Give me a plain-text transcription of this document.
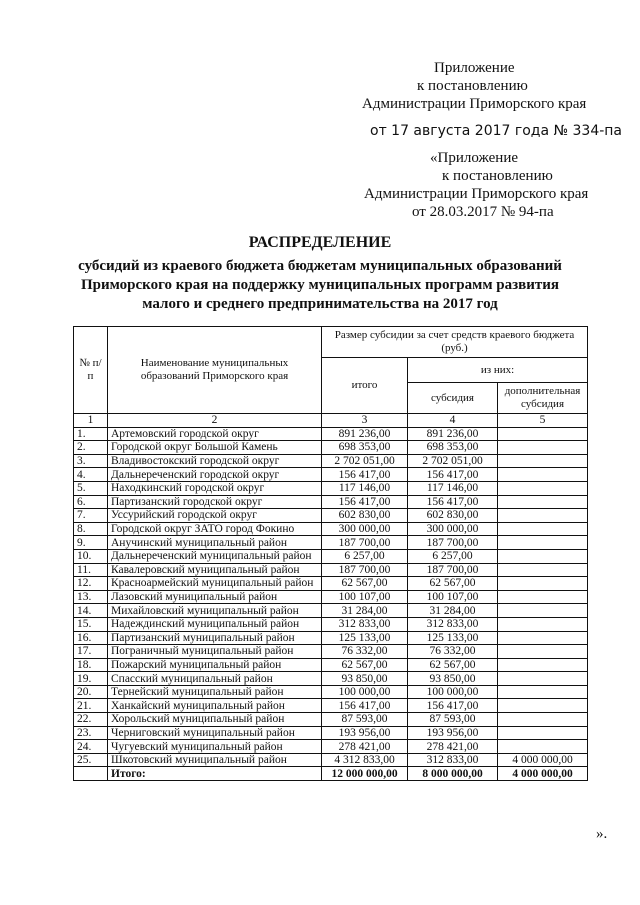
Приложение
к постановлению
Администрации Приморского края
от 17 августа 2017 года № 334-па
«Приложение
к постановлению
Администрации Приморского края
от 28.03.2017 № 94-па
РАСПРЕДЕЛЕНИЕ
субсидий из краевого бюджета бюджетам муниципальных образований
Приморского края на поддержку муниципальных программ развития
малого и среднего предпринимательства на 2017 год
№ п/п	Наименование муниципальных образований Приморского края	Размер субсидии за счет средств краевого бюджета (руб.)		
		итого	из них:	
			субсидия	дополнительная субсидия
1	2	3	4	5
1.	Артемовский городской округ	891 236,00	891 236,00	
2.	Городской округ Большой Камень	698 353,00	698 353,00	
3.	Владивостокский городской округ	2 702 051,00	2 702 051,00	
4.	Дальнереченский городской округ	156 417,00	156 417,00	
5.	Находкинский городской округ	117 146,00	117 146,00	
6.	Партизанский городской округ	156 417,00	156 417,00	
7.	Уссурийский городской округ	602 830,00	602 830,00	
8.	Городской округ ЗАТО город Фокино	300 000,00	300 000,00	
9.	Анучинский муниципальный район	187 700,00	187 700,00	
10.	Дальнереченский муниципальный район	6 257,00	6 257,00	
11.	Кавалеровский муниципальный район	187 700,00	187 700,00	
12.	Красноармейский муниципальный район	62 567,00	62 567,00	
13.	Лазовский муниципальный район	100 107,00	100 107,00	
14.	Михайловский муниципальный район	31 284,00	31 284,00	
15.	Надеждинский муниципальный район	312 833,00	312 833,00	
16.	Партизанский муниципальный район	125 133,00	125 133,00	
17.	Пограничный муниципальный район	76 332,00	76 332,00	
18.	Пожарский муниципальный район	62 567,00	62 567,00	
19.	Спасский муниципальный район	93 850,00	93 850,00	
20.	Тернейский муниципальный район	100 000,00	100 000,00	
21.	Ханкайский муниципальный район	156 417,00	156 417,00	
22.	Хорольский муниципальный район	87 593,00	87 593,00	
23.	Черниговский муниципальный район	193 956,00	193 956,00	
24.	Чугуевский муниципальный район	278 421,00	278 421,00	
25.	Шкотовский муниципальный район	4 312 833,00	312 833,00	4 000 000,00
	Итого:	12 000 000,00	8 000 000,00	4 000 000,00
».
